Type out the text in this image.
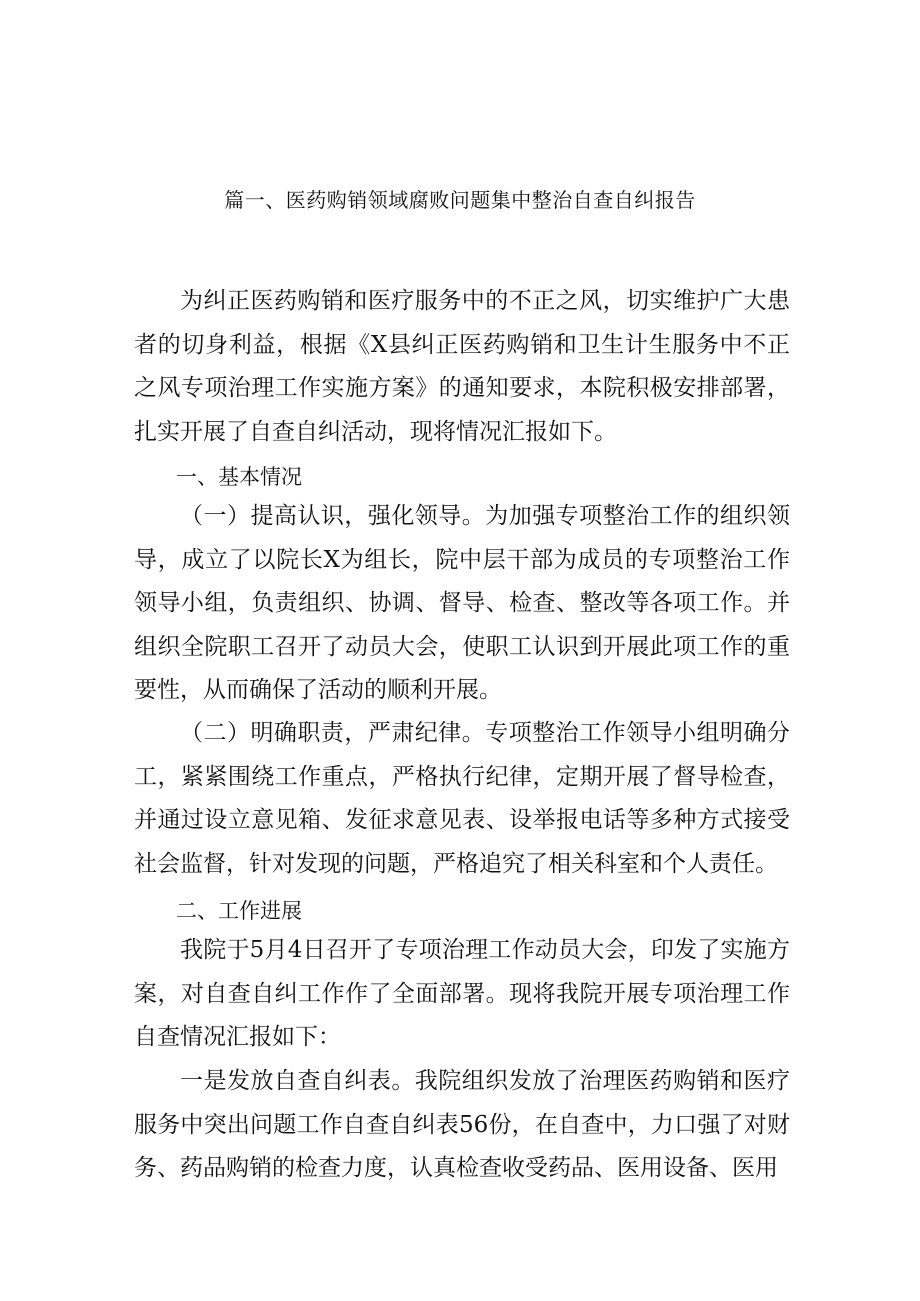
篇一、医药购销领域腐败问题集中整治自查自纠报告

为纠正医药购销和医疗服务中的不正之风，切实维护广大患者的切身利益，根据《X县纠正医药购销和卫生计生服务中不正之风专项治理工作实施方案》的通知要求，本院积极安排部署，扎实开展了自查自纠活动，现将情况汇报如下。

一、基本情况

（一）提高认识，强化领导。为加强专项整治工作的组织领导，成立了以院长X为组长，院中层干部为成员的专项整治工作领导小组，负责组织、协调、督导、检查、整改等各项工作。并组织全院职工召开了动员大会，使职工认识到开展此项工作的重要性，从而确保了活动的顺利开展。

（二）明确职责，严肃纪律。专项整治工作领导小组明确分工，紧紧围绕工作重点，严格执行纪律，定期开展了督导检查，并通过设立意见箱、发征求意见表、设举报电话等多种方式接受社会监督，针对发现的问题，严格追究了相关科室和个人责任。

二、工作进展

我院于5月4日召开了专项治理工作动员大会，印发了实施方案，对自查自纠工作作了全面部署。现将我院开展专项治理工作自查情况汇报如下：

一是发放自查自纠表。我院组织发放了治理医药购销和医疗服务中突出问题工作自查自纠表56份，在自查中，力口强了对财务、药品购销的检查力度，认真检查收受药品、医用设备、医用
